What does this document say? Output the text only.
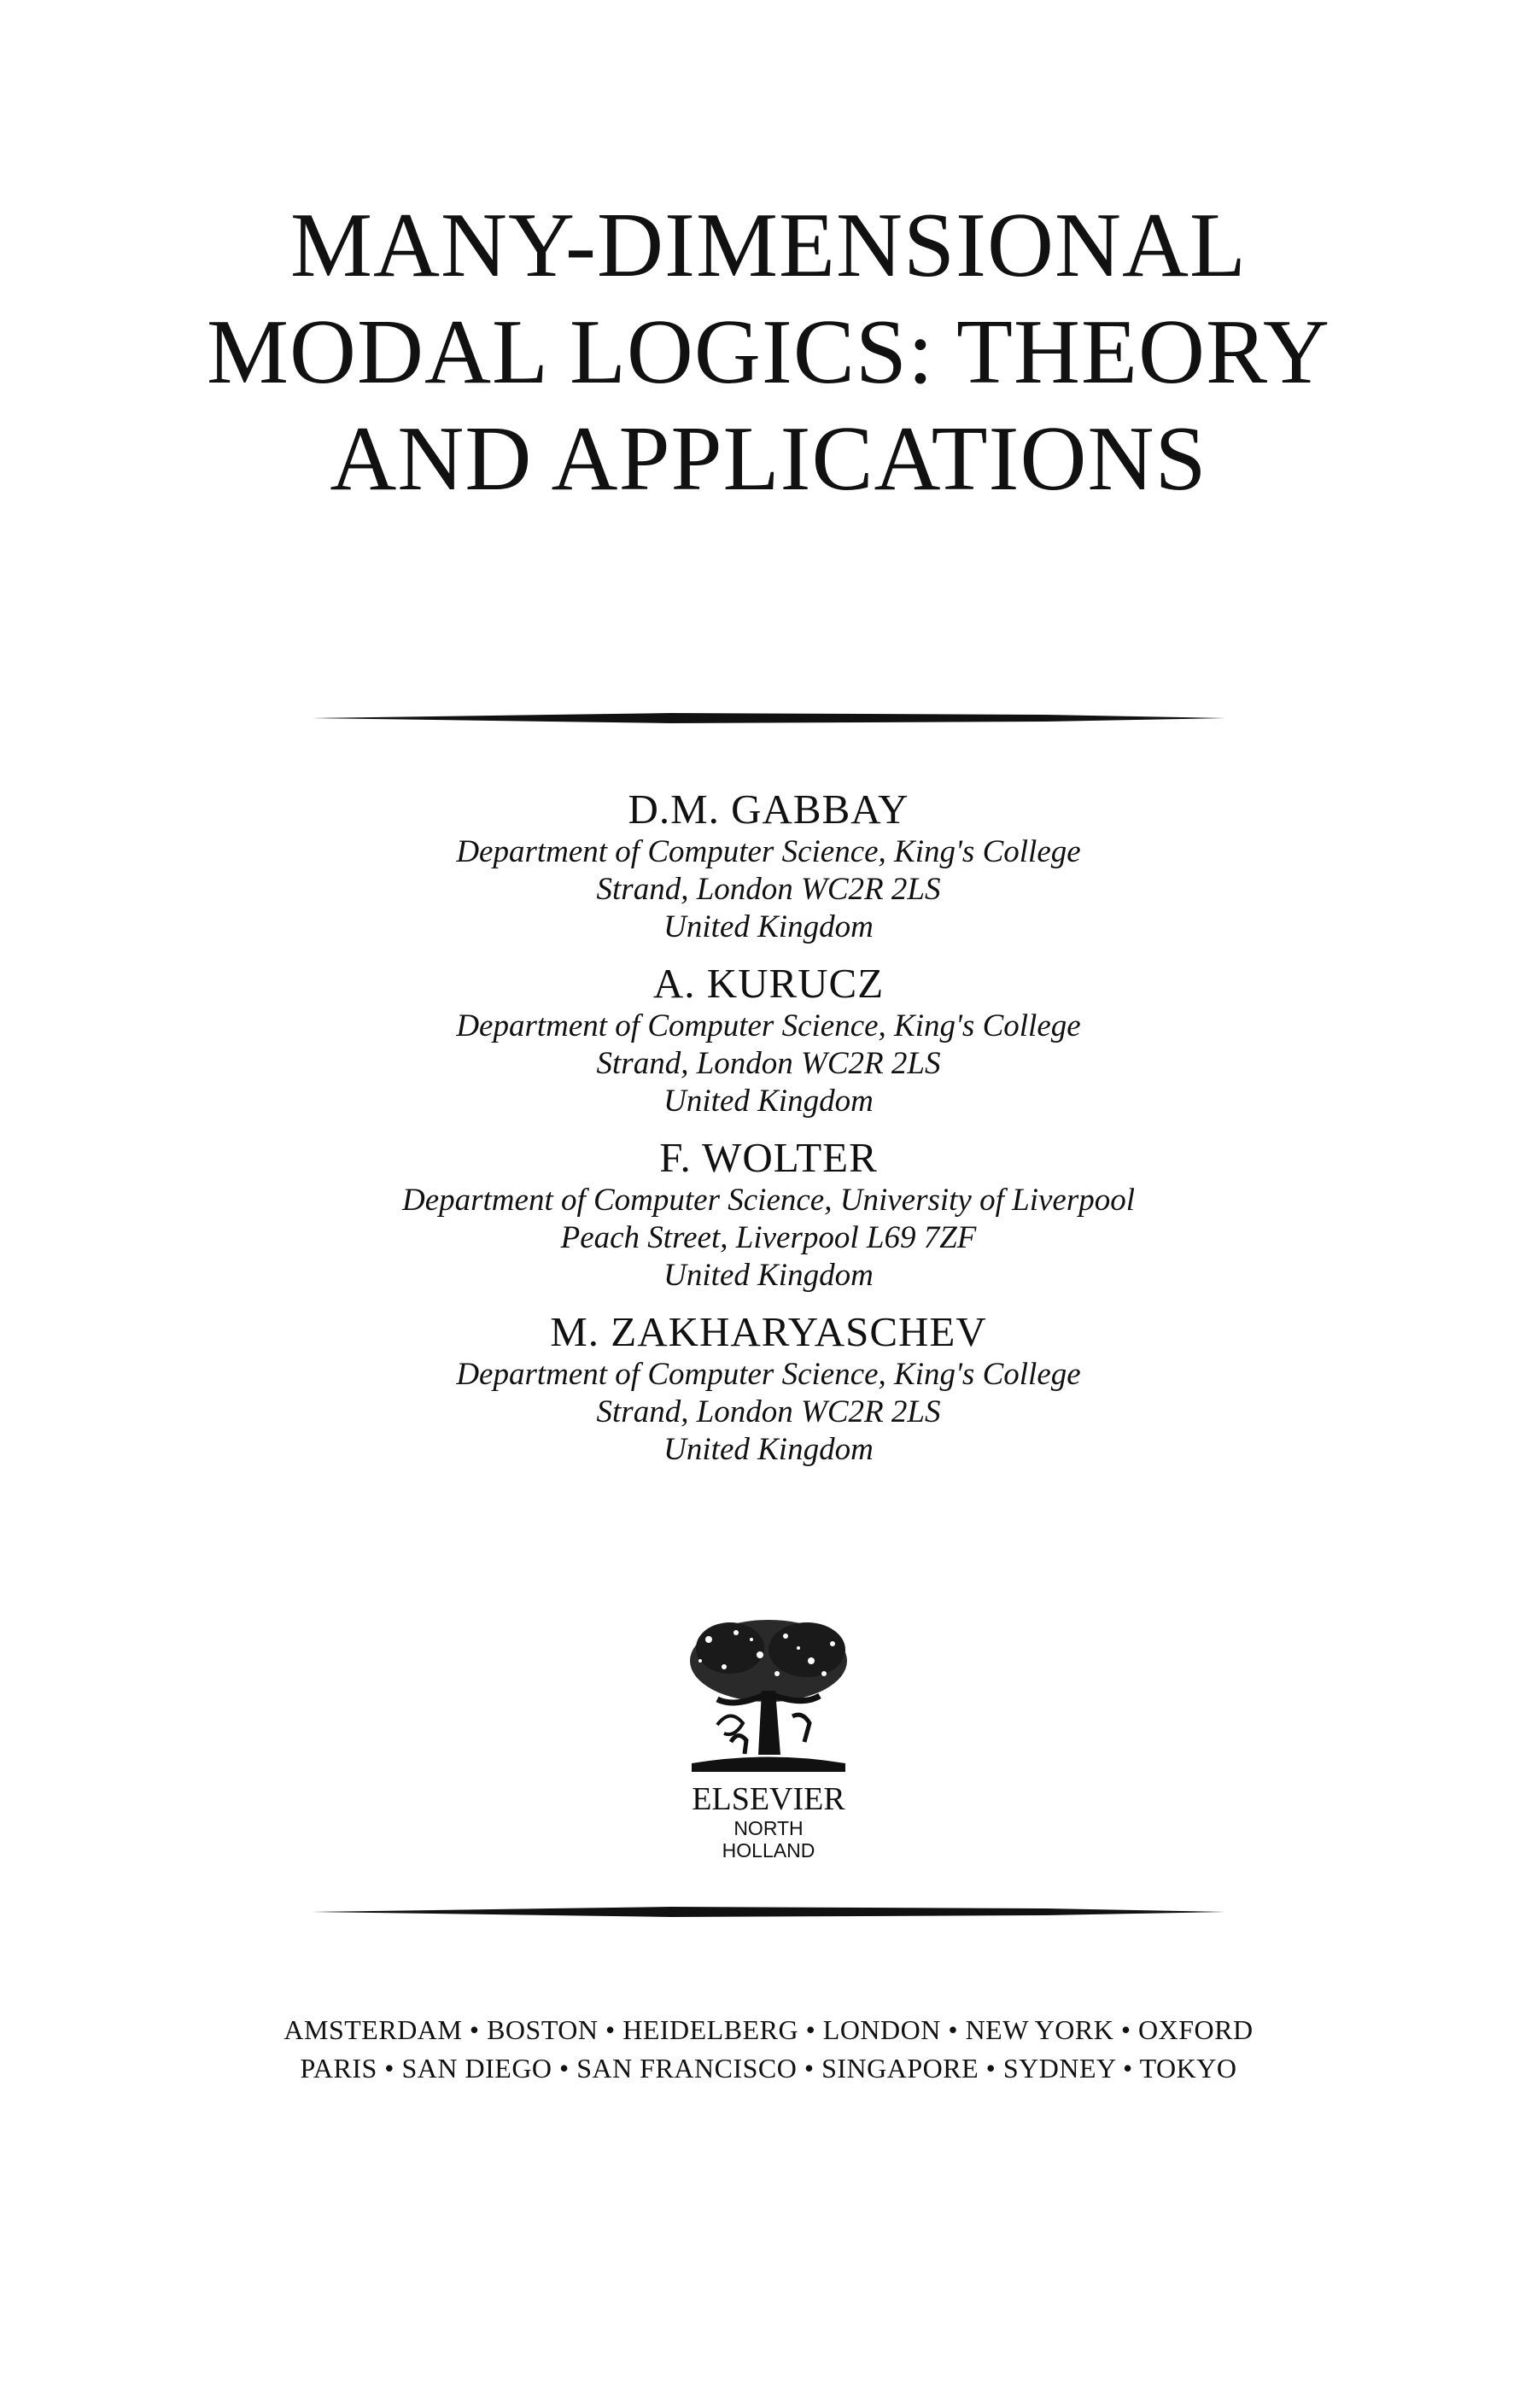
MANY-DIMENSIONAL
MODAL LOGICS: THEORY
AND APPLICATIONS
D.M. GABBAY
Department of Computer Science, King's College
Strand, London WC2R 2LS
United Kingdom
A. KURUCZ
Department of Computer Science, King's College
Strand, London WC2R 2LS
United Kingdom
F. WOLTER
Department of Computer Science, University of Liverpool
Peach Street, Liverpool L69 7ZF
United Kingdom
M. ZAKHARYASCHEV
Department of Computer Science, King's College
Strand, London WC2R 2LS
United Kingdom
ELSEVIER
NORTH
HOLLAND
AMSTERDAM • BOSTON • HEIDELBERG • LONDON • NEW YORK • OXFORD
PARIS • SAN DIEGO • SAN FRANCISCO • SINGAPORE • SYDNEY • TOKYO
